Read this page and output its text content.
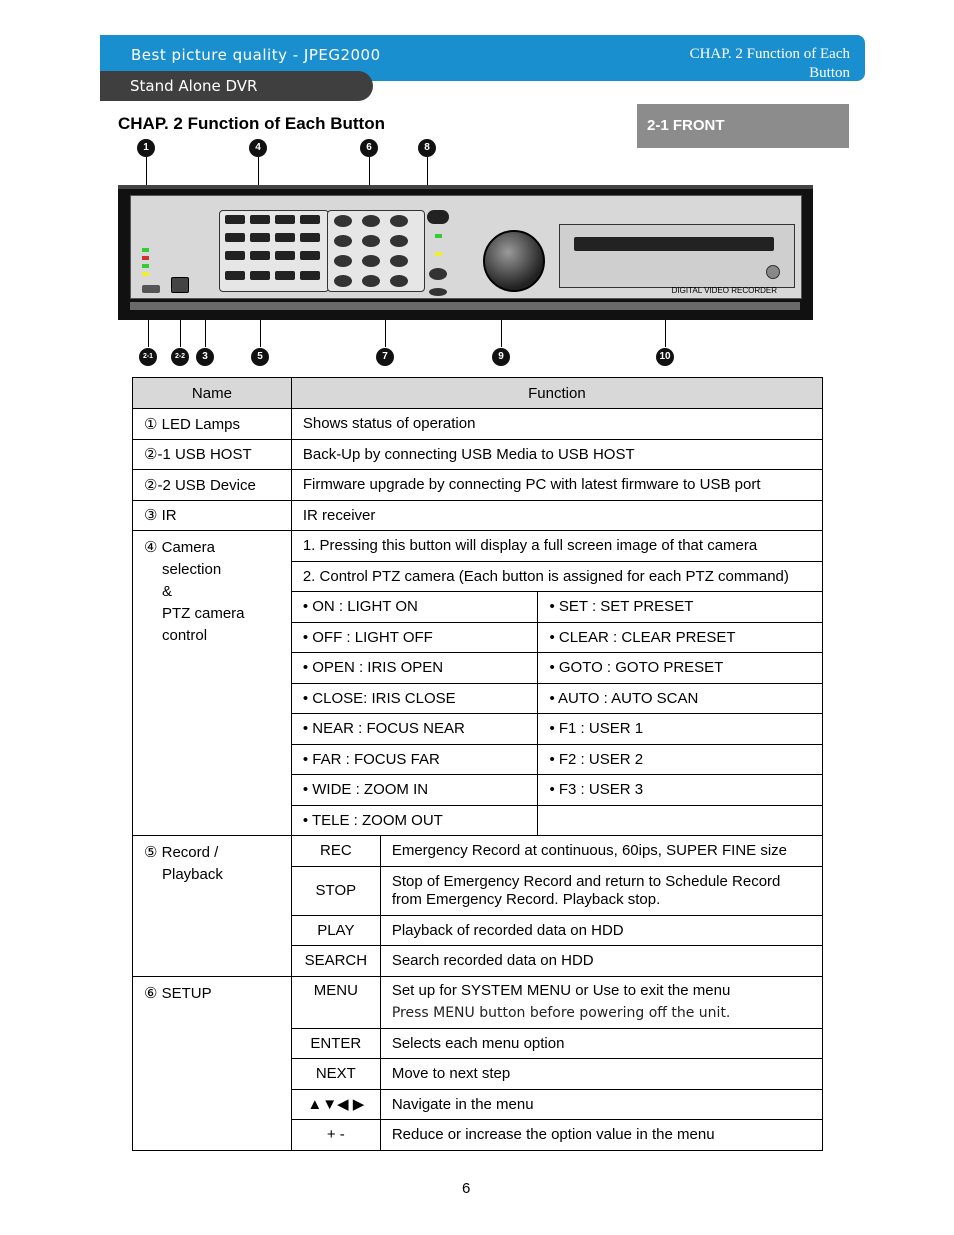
Best picture quality - JPEG2000	CHAP. 2 Function of Each
Button
Stand Alone DVR
CHAP. 2 Function of Each Button	2-1 FRONT
1	4	6	8
2-1	2-2	3	5	7	9	10
DIGITAL VIDEO RECORDER
Name	Function		
① LED Lamps	Shows status of operation		
②-1 USB HOST	Back-Up by connecting USB Media to USB HOST		
②-2 USB Device	Firmware upgrade by connecting PC with latest firmware to USB port		
③ IR	IR receiver		

④ Camera
selection
&
PTZ camera
control	1. Pressing this button will display a full screen image of that camera		
	2. Control PTZ camera (Each button is assigned for each PTZ command)		
	• ON : LIGHT ON		• SET : SET PRESET
	• OFF : LIGHT OFF		• CLEAR : CLEAR PRESET
	• OPEN : IRIS OPEN		• GOTO : GOTO PRESET
	• CLOSE: IRIS CLOSE		• AUTO : AUTO SCAN
	• NEAR : FOCUS NEAR		• F1 : USER 1
	• FAR : FOCUS FAR		• F2 : USER 2
	• WIDE : ZOOM IN		• F3 : USER 3
	• TELE : ZOOM OUT		

⑤ Record /
Playback	REC	Emergency Record at continuous, 60ips, SUPER FINE size	
	STOP	Stop of Emergency Record and return to Schedule Record from Emergency Record. Playback stop.	
	PLAY	Playback of recorded data on HDD	
	SEARCH	Search recorded data on HDD	

⑥ SETUP	MENU	Set up for SYSTEM MENU or Use to exit the menu
Press MENU button before powering off the unit.	

	ENTER	Selects each menu option	
	NEXT	Move to next step	
	▲▼◀ ▶	Navigate in the menu	
	+ -	Reduce or increase the option value in the menu	
6
